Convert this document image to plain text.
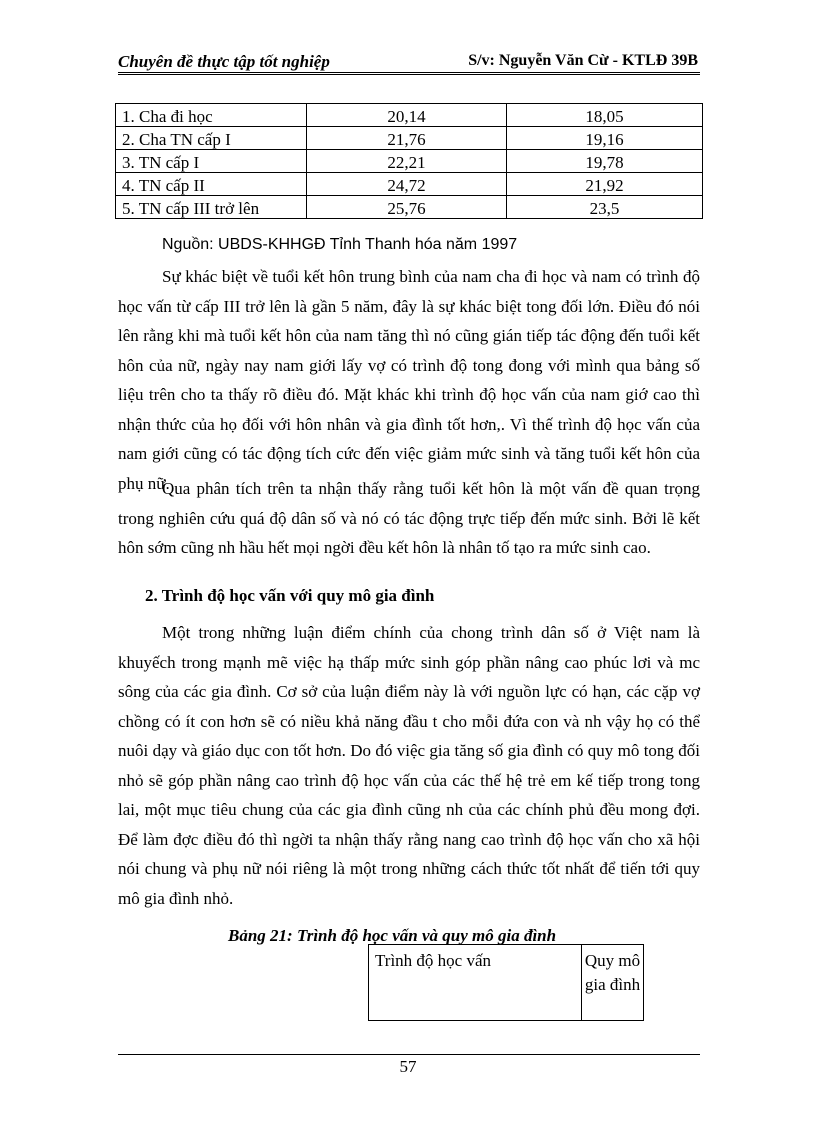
Chuyên đề thực tập tốt nghiệp	S/v: Nguyễn Văn Cừ - KTLĐ 39B
1. Cha đi học	20,14	18,05
2. Cha TN cấp I	21,76	19,16
3. TN cấp I	22,21	19,78
4. TN cấp II	24,72	21,92
5. TN cấp III trở lên	25,76	23,5
Nguồn: UBDS-KHHGĐ Tỉnh Thanh hóa năm 1997

Sự khác biệt về tuổi kết hôn trung bình của nam cha đi học và nam có trình độ học vấn từ cấp III trở lên là gần 5 năm, đây là sự khác biệt tong đối lớn. Điều đó nói lên rằng khi mà tuổi kết hôn của nam tăng thì nó cũng gián tiếp tác động đến tuổi kết hôn của nữ, ngày nay nam giới lấy vợ có trình độ tong đong với mình qua bảng số liệu trên cho ta thấy rõ điều đó. Mặt khác khi trình độ học vấn của nam giớ cao thì nhận thức của họ đối với hôn nhân và gia đình tốt hơn,. Vì thế trình độ học vấn của nam giới cũng có tác động tích cức đến việc giảm mức sinh và tăng tuổi kết hôn của phụ nữ.

Qua phân tích trên ta nhận thấy rằng tuổi kết hôn là một vấn đề quan trọng trong nghiên cứu quá độ dân số và nó có tác động trực tiếp đến mức sinh. Bởi lẽ kết hôn sớm cũng nh hầu hết mọi ngời đều kết hôn là nhân tố tạo ra mức sinh cao.

2. Trình độ học vấn với quy mô gia đình

Một trong những luận điểm chính của chong trình dân số ở Việt nam là khuyếch trong mạnh mẽ việc hạ thấp mức sinh góp phần nâng cao phúc lơi và mc sông của các gia đình. Cơ sở của luận điểm này là với nguồn lực có hạn, các cặp vợ chồng có ít con hơn sẽ có niều khả năng đầu t cho mỗi đứa con và nh vậy họ có thể nuôi dạy và giáo dục con tốt hơn. Do đó việc gia tăng số gia đình có quy mô tong đối nhỏ sẽ góp phần nâng cao trình độ học vấn của các thế hệ trẻ em kế tiếp trong tong lai, một mục tiêu chung của các gia đình cũng nh của các chính phủ đều mong đợi. Để làm đợc điều đó thì ngời ta nhận thấy rằng nang cao trình độ học vấn cho xã hội nói chung và phụ nữ nói riêng là một trong những cách thức tốt nhất để tiến tới quy mô gia đình nhỏ.

Bảng 21: Trình độ học vấn và quy mô gia đình
Trình độ học vấn	Quy mô gia đình
57
